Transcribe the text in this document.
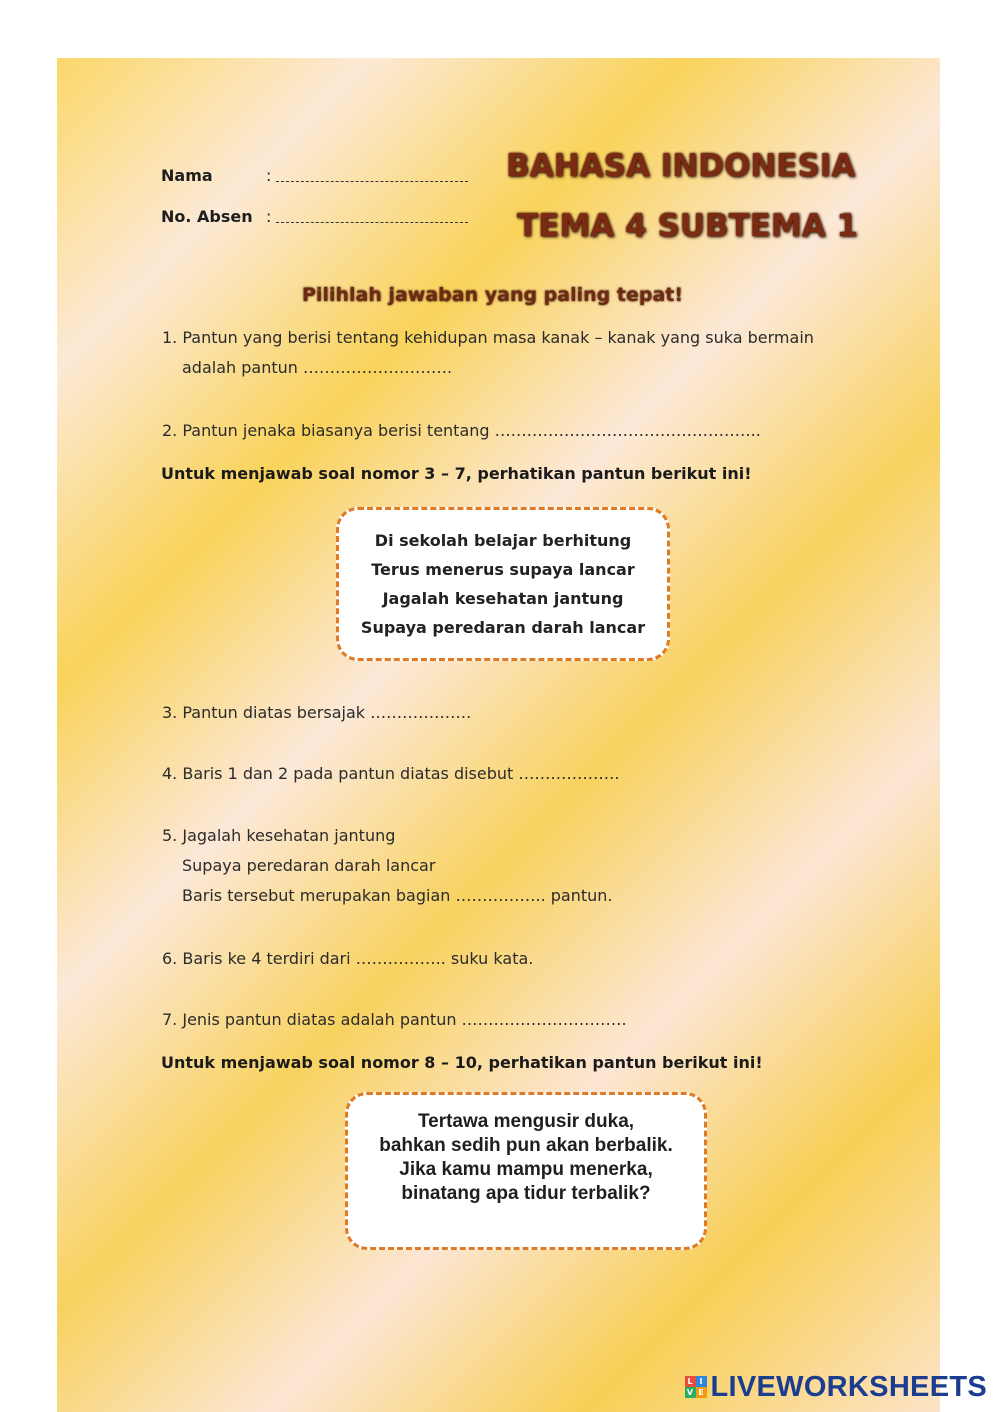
Nama	:
No. Absen :
BAHASA INDONESIA
TEMA 4 SUBTEMA 1
Pilihlah jawaban yang paling tepat!
1. Pantun yang berisi tentang kehidupan masa kanak – kanak yang suka bermain
adalah pantun ……………………….
2. Pantun jenaka biasanya berisi tentang …………………………………………..
Untuk menjawab soal nomor 3 – 7, perhatikan pantun berikut ini!
Di sekolah belajar berhitung
Terus menerus supaya lancar
Jagalah kesehatan jantung
Supaya peredaran darah lancar
3. Pantun diatas bersajak ……………….
4. Baris 1 dan 2 pada pantun diatas disebut ……………….
5. Jagalah kesehatan jantung
Supaya peredaran darah lancar
Baris tersebut merupakan bagian …………….. pantun.
6. Baris ke 4 terdiri dari …………….. suku kata.
7. Jenis pantun diatas adalah pantun ………………………….
Untuk menjawab soal nomor 8 – 10, perhatikan pantun berikut ini!
Tertawa mengusir duka,
bahkan sedih pun akan berbalik.
Jika kamu mampu menerka,
binatang apa tidur terbalik?
L I
V E LIVEWORKSHEETS
